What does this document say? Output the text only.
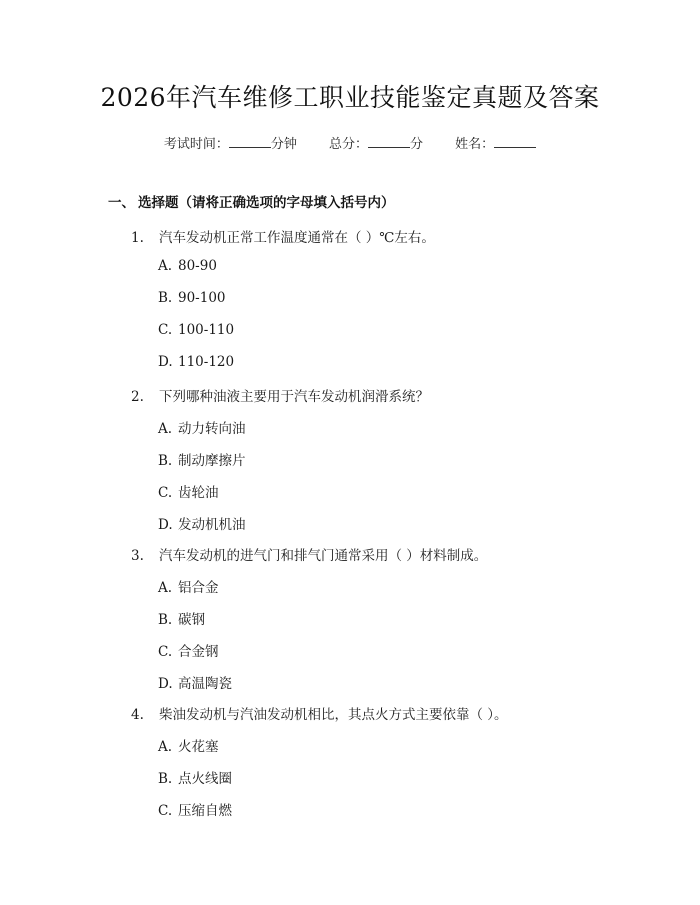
2026年汽车维修工职业技能鉴定真题及答案
考试时间：	分钟 总分：	分 姓名：
一、 选择题（请将正确选项的字母填入括号内）
1. 汽车发动机正常工作温度通常在（ ）℃左右。
A. 80-90
B. 90-100
C. 100-110
D. 110-120
2. 下列哪种油液主要用于汽车发动机润滑系统？
A. 动力转向油
B. 制动摩擦片
C. 齿轮油
D. 发动机机油
3. 汽车发动机的进气门和排气门通常采用（ ）材料制成。
A. 铝合金
B. 碳钢
C. 合金钢
D. 高温陶瓷
4. 柴油发动机与汽油发动机相比，其点火方式主要依靠（ ）。
A. 火花塞
B. 点火线圈
C. 压缩自燃
